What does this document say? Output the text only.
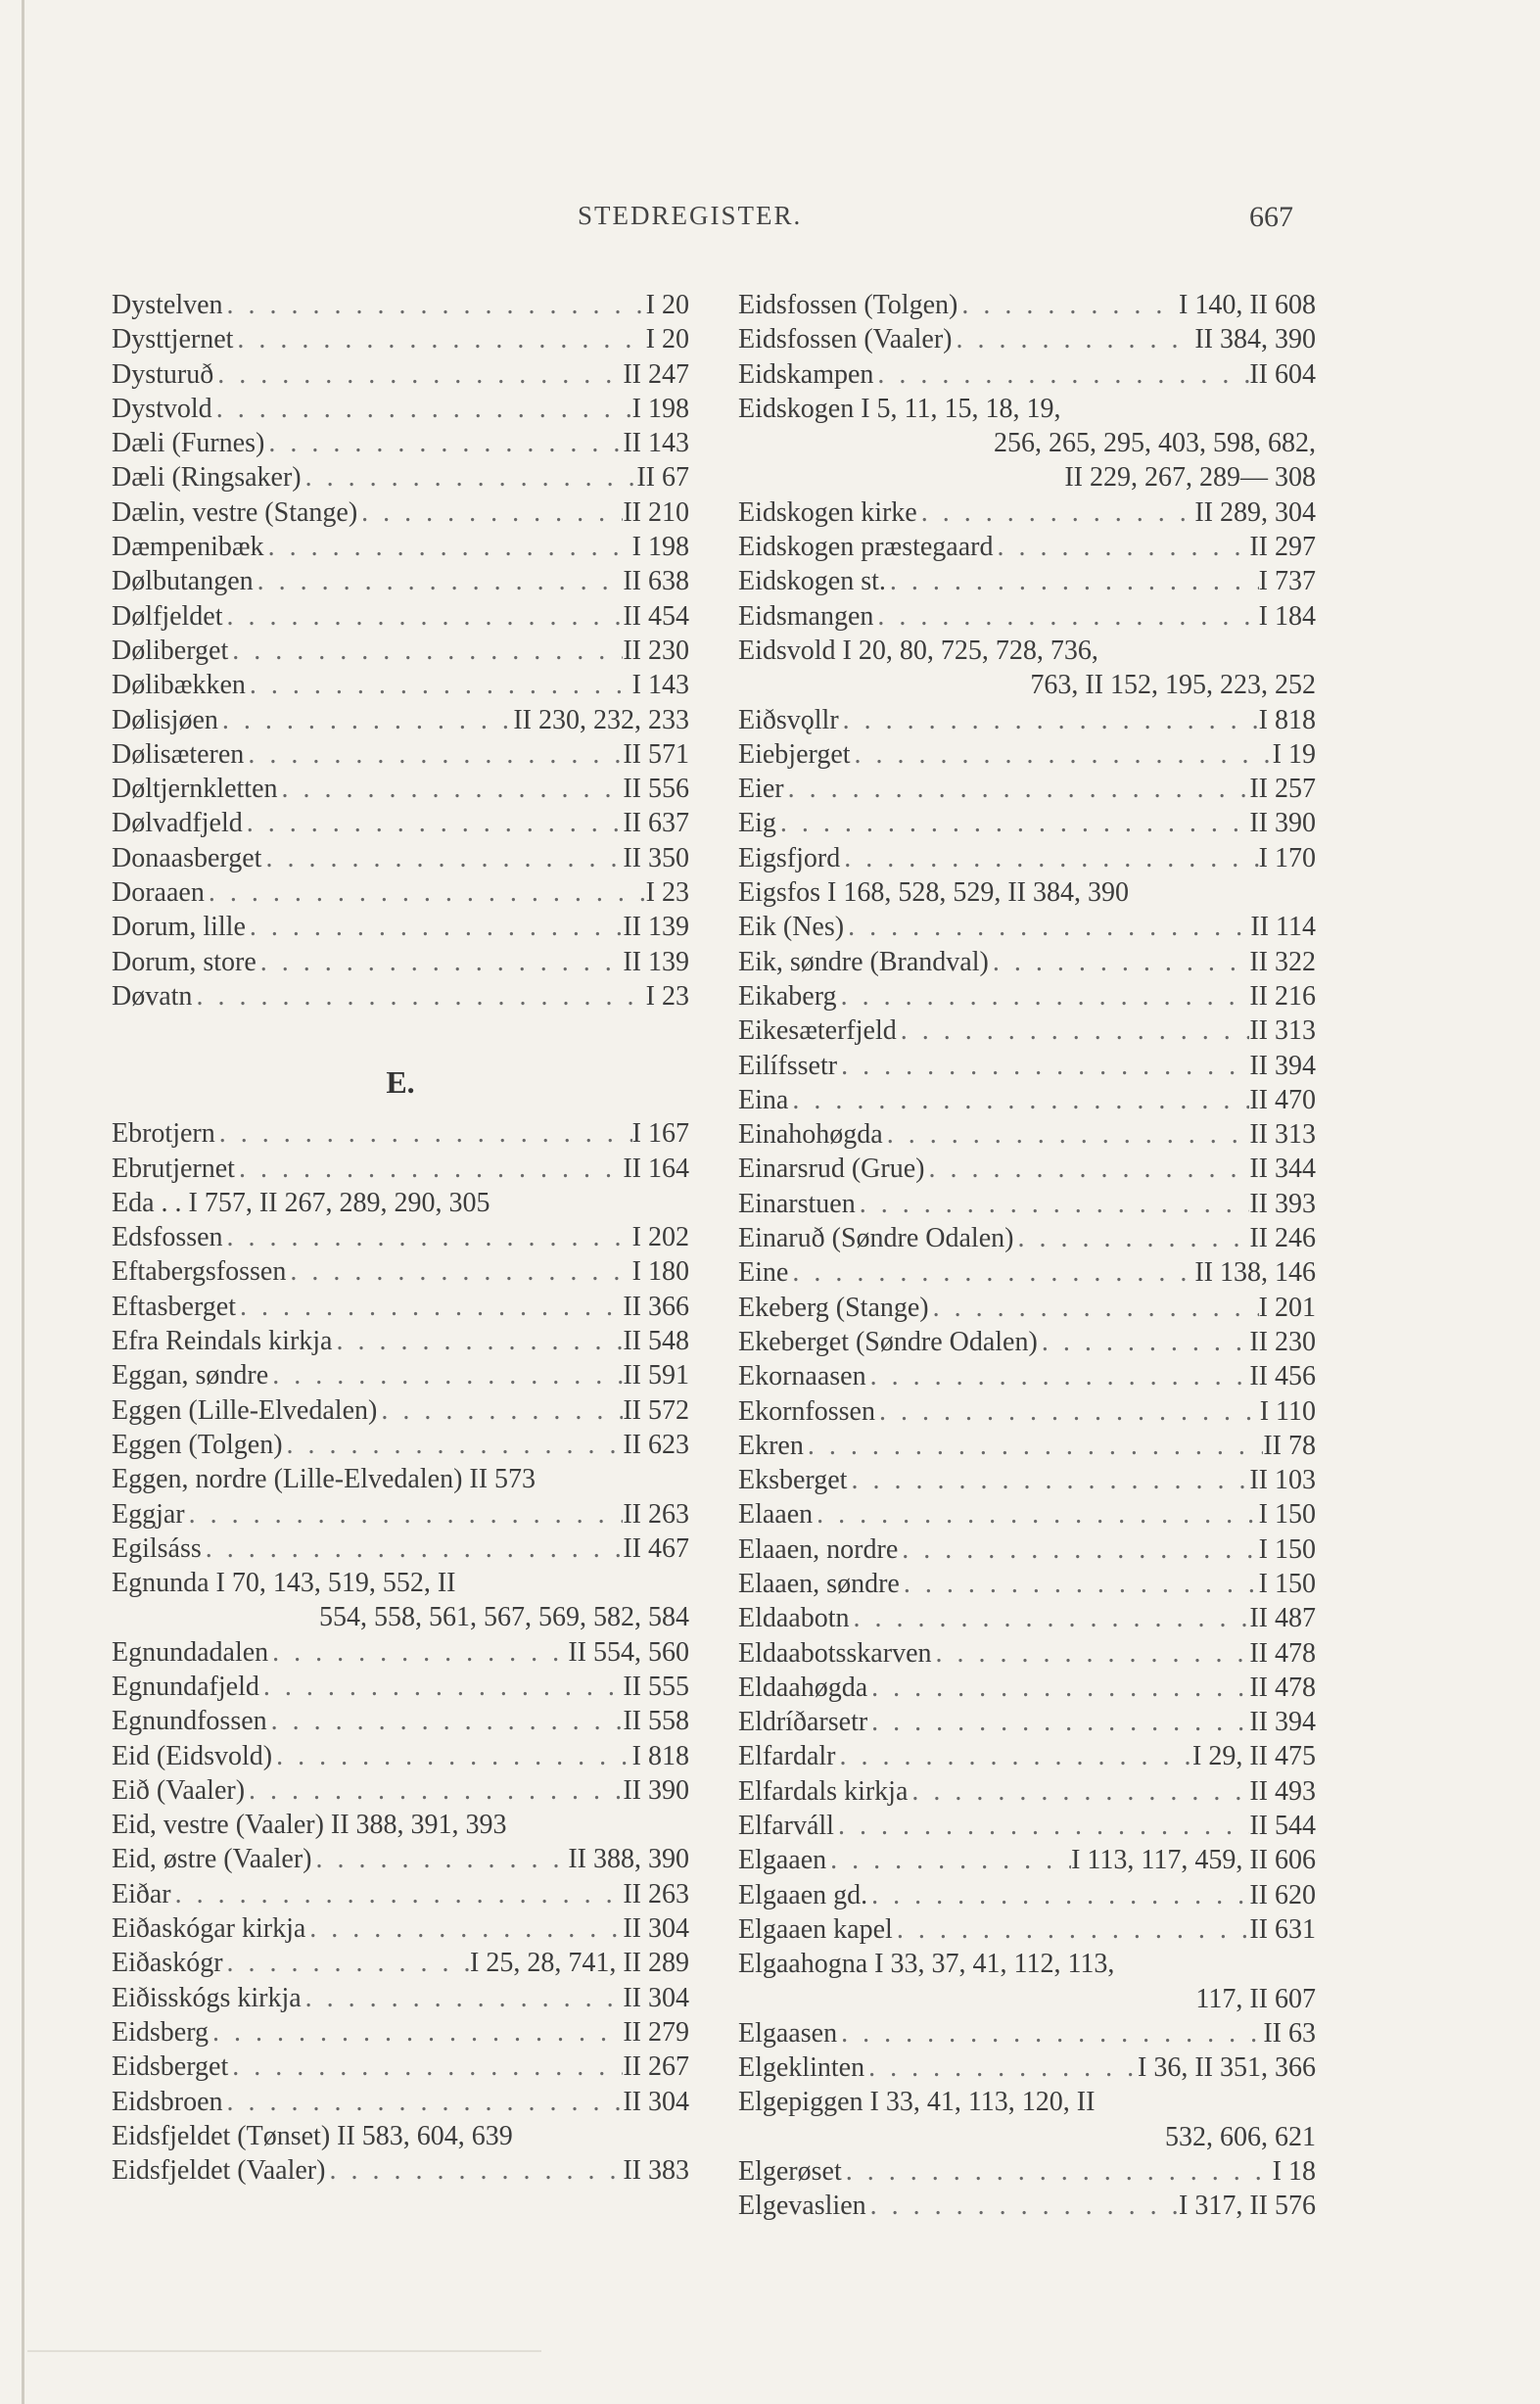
STEDREGISTER.	667
Dystelven . . .	I 20
Dysttjernet . . .	I 20
Dysturuð . . .	II 247
Dystvold . . .	I 198
Dæli (Furnes) . . .	II 143
Dæli (Ringsaker) . . .	II 67
Dælin, vestre (Stange) . . .	II 210
Dæmpenibæk . . .	I 198
Dølbutangen . . .	II 638
Dølfjeldet . . .	II 454
Døliberget . . .	II 230
Dølibækken . . .	I 143
Dølisjøen . . .	II 230, 232, 233
Dølisæteren . . .	II 571
Døltjernkletten . . .	II 556
Dølvadfjeld . . .	II 637
Donaasberget . . .	II 350
Doraaen . . .	I 23
Dorum, lille . . .	II 139
Dorum, store . . .	II 139
Døvatn . . .	I 23
E.
Ebrotjern . . .	I 167
Ebrutjernet . . .	II 164
Eda . . I 757, II 267, 289, 290, 305
Edsfossen . . .	I 202
Eftabergsfossen . . .	I 180
Eftasberget . . .	II 366
Efra Reindals kirkja . . .	II 548
Eggan, søndre . . .	II 591
Eggen (Lille-Elvedalen) . . .	II 572
Eggen (Tolgen) . . .	II 623
Eggen, nordre (Lille-Elvedalen) II 573
Eggjar . . .	II 263
Egilsáss . . .	II 467
Egnunda I 70, 143, 519, 552, II
554, 558, 561, 567, 569, 582, 584
Egnundadalen . . .	II 554, 560
Egnundafjeld . . .	II 555
Egnundfossen . . .	II 558
Eid (Eidsvold) . . .	I 818
Eið (Vaaler) . . .	II 390
Eid, vestre (Vaaler) II 388, 391, 393
Eid, østre (Vaaler) . . .	II 388, 390
Eiðar . . .	II 263
Eiðaskógar kirkja . . .	II 304
Eiðaskógr . . .	I 25, 28, 741, II 289
Eiðisskógs kirkja . . .	II 304
Eidsberg . . .	II 279
Eidsberget . . .	II 267
Eidsbroen . . .	II 304
Eidsfjeldet (Tønset) II 583, 604, 639
Eidsfjeldet (Vaaler) . . .	II 383
Eidsfossen (Tolgen) . . .	I 140, II 608
Eidsfossen (Vaaler) . . .	II 384, 390
Eidskampen . . .	II 604
Eidskogen I 5, 11, 15, 18, 19,
256, 265, 295, 403, 598, 682,
II 229, 267, 289— 308
Eidskogen kirke . . .	II 289, 304
Eidskogen præstegaard . . .	II 297
Eidskogen st. . . .	I 737
Eidsmangen . . .	I 184
Eidsvold I 20, 80, 725, 728, 736,
763, II 152, 195, 223, 252
Eiðsvǫllr . . .	I 818
Eiebjerget . . .	I 19
Eier . . .	II 257
Eig . . .	II 390
Eigsfjord . . .	I 170
Eigsfos I 168, 528, 529, II 384, 390
Eik (Nes) . . .	II 114
Eik, søndre (Brandval) . . .	II 322
Eikaberg . . .	II 216
Eikesæterfjeld . . .	II 313
Eilífssetr . . .	II 394
Eina . . .	II 470
Einahohøgda . . .	II 313
Einarsrud (Grue) . . .	II 344
Einarstuen . . .	II 393
Einaruð (Søndre Odalen) . . .	II 246
Eine . . .	II 138, 146
Ekeberg (Stange) . . .	I 201
Ekeberget (Søndre Odalen) . . .	II 230
Ekornaasen . . .	II 456
Ekornfossen . . .	I 110
Ekren . . .	II 78
Eksberget . . .	II 103
Elaaen . . .	I 150
Elaaen, nordre . . .	I 150
Elaaen, søndre . . .	I 150
Eldaabotn . . .	II 487
Eldaabotsskarven . . .	II 478
Eldaahøgda . . .	II 478
Eldríðarsetr . . .	II 394
Elfardalr . . .	I 29, II 475
Elfardals kirkja . . .	II 493
Elfarváll . . .	II 544
Elgaaen . . .	I 113, 117, 459, II 606
Elgaaen gd. . . .	II 620
Elgaaen kapel . . .	II 631
Elgaahogna I 33, 37, 41, 112, 113,
117, II 607
Elgaasen . . .	II 63
Elgeklinten . . .	I 36, II 351, 366
Elgepiggen I 33, 41, 113, 120, II
532, 606, 621
Elgerøset . . .	I 18
Elgevaslien . . .	I 317, II 576
